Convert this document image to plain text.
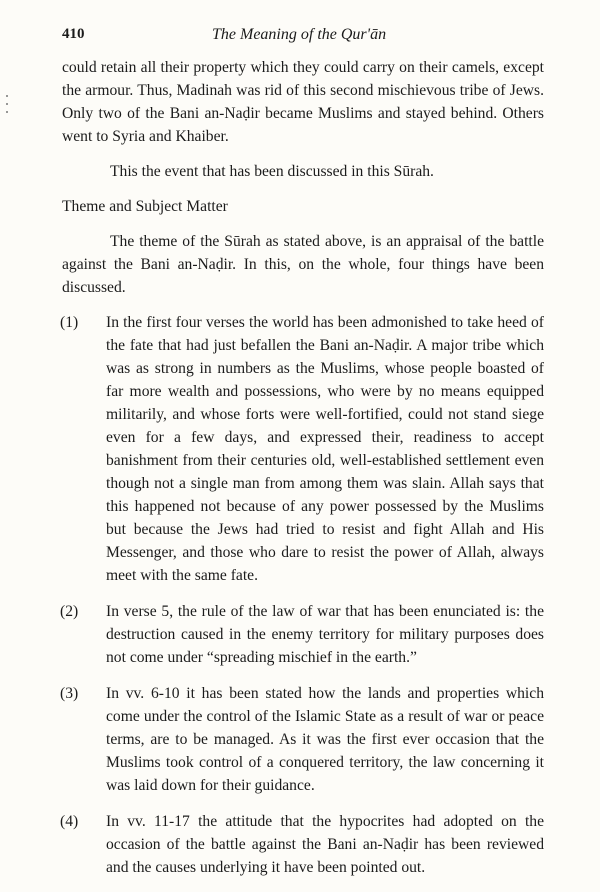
410	The Meaning of the Qur'ān

could retain all their property which they could carry on their camels, except the armour. Thus, Madinah was rid of this second mischievous tribe of Jews. Only two of the Bani an-Naḍir became Muslims and stayed behind. Others went to Syria and Khaiber.

This the event that has been discussed in this Sūrah.

Theme and Subject Matter

The theme of the Sūrah as stated above, is an appraisal of the battle against the Bani an-Naḍir. In this, on the whole, four things have been discussed.

(1)	In the first four verses the world has been admonished to take heed of the fate that had just befallen the Bani an-Naḍir. A major tribe which was as strong in numbers as the Muslims, whose people boasted of far more wealth and possessions, who were by no means equipped militarily, and whose forts were well-fortified, could not stand siege even for a few days, and expressed their, readiness to accept banishment from their centuries old, well-established settlement even though not a single man from among them was slain. Allah says that this happened not because of any power possessed by the Muslims but because the Jews had tried to resist and fight Allah and His Messenger, and those who dare to resist the power of Allah, always meet with the same fate.
(2)	In verse 5, the rule of the law of war that has been enunciated is: the destruction caused in the enemy territory for military purposes does not come under “spreading mischief in the earth.”
(3)	In vv. 6-10 it has been stated how the lands and properties which come under the control of the Islamic State as a result of war or peace terms, are to be managed. As it was the first ever occasion that the Muslims took control of a conquered territory, the law concerning it was laid down for their guidance.
(4)	In vv. 11-17 the attitude that the hypocrites had adopted on the occasion of the battle against the Bani an-Naḍir has been reviewed and the causes underlying it have been pointed out.
